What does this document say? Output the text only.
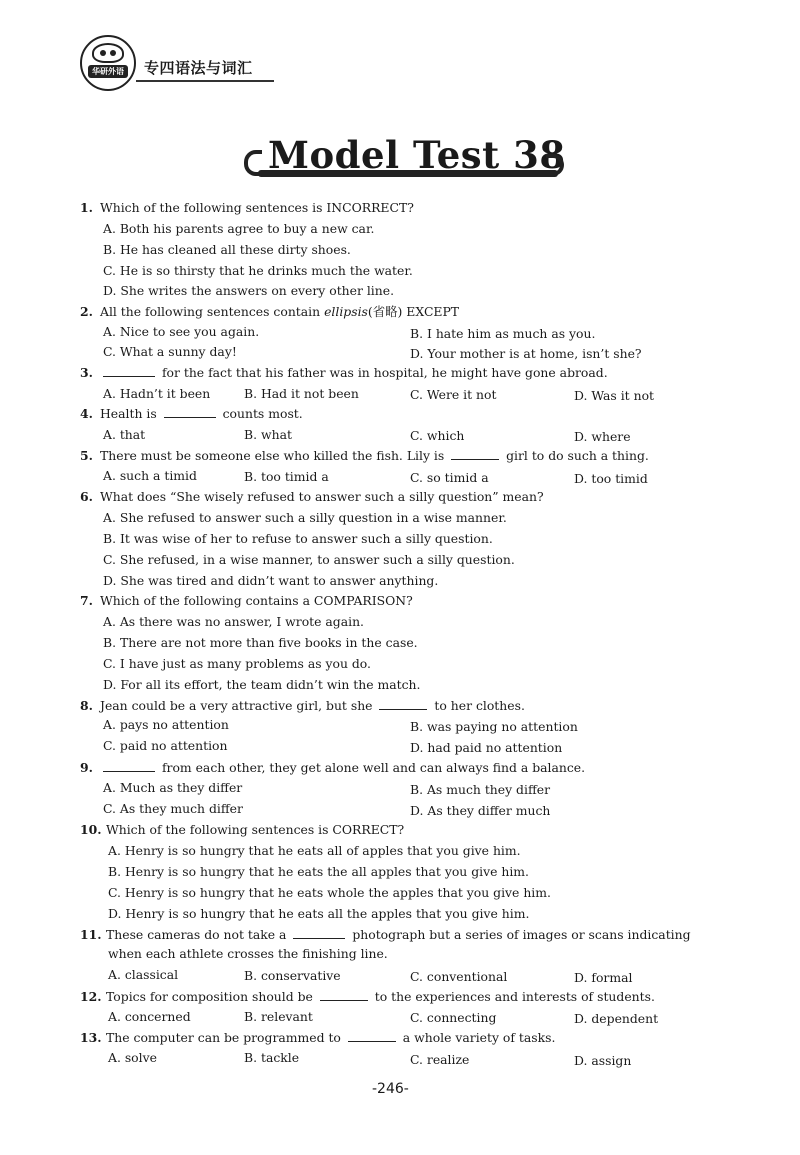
华研外语 专四语法与词汇
Model Test 38
1 . Which of the following sentences is INCORRECT?
A. Both his parents agree to buy a new car.
B. He has cleaned all these dirty shoes.
C. He is so thirsty that he drinks much the water.
D. She writes the answers on every other line.
2 . All the following sentences contain ellipsis(省略) EXCEPT
A. Nice to see you again.	B. I hate him as much as you.
C. What a sunny day!	D. Your mother is at home, isn’t she?
3 .	for the fact that his father was in hospital, he might have gone abroad.
A. Hadn’t it been	B. Had it not been	C. Were it not	D. Was it not
4 . Health is	counts most.
A. that	B. what	C. which	D. where
5 . There must be someone else who killed the fish. Lily is	girl to do such a thing.
A. such a timid	B. too timid a	C. so timid a	D. too timid
6 . What does “She wisely refused to answer such a silly question” mean?
A. She refused to answer such a silly question in a wise manner.
B. It was wise of her to refuse to answer such a silly question.
C. She refused, in a wise manner, to answer such a silly question.
D. She was tired and didn’t want to answer anything.
7 . Which of the following contains a COMPARISON?
A. As there was no answer, I wrote again.
B. There are not more than five books in the case.
C. I have just as many problems as you do.
D. For all its effort, the team didn’t win the match.
8 . Jean could be a very attractive girl, but she	to her clothes.
A. pays no attention	B. was paying no attention
C. paid no attention	D. had paid no attention
9 .	from each other, they get alone well and can always find a balance.
A. Much as they differ	B. As much they differ
C. As they much differ	D. As they differ much
10 . Which of the following sentences is CORRECT?
A. Henry is so hungry that he eats all of apples that you give him.
B. Henry is so hungry that he eats the all apples that you give him.
C. Henry is so hungry that he eats whole the apples that you give him.
D. Henry is so hungry that he eats all the apples that you give him.
11 . These cameras do not take a	photograph but a series of images or scans indicating
when each athlete crosses the finishing line.
A. classical	B. conservative	C. conventional	D. formal
12 . Topics for composition should be	to the experiences and interests of students.
A. concerned	B. relevant	C. connecting	D. dependent
13 . The computer can be programmed to	a whole variety of tasks.
A. solve	B. tackle	C. realize	D. assign
-246-
